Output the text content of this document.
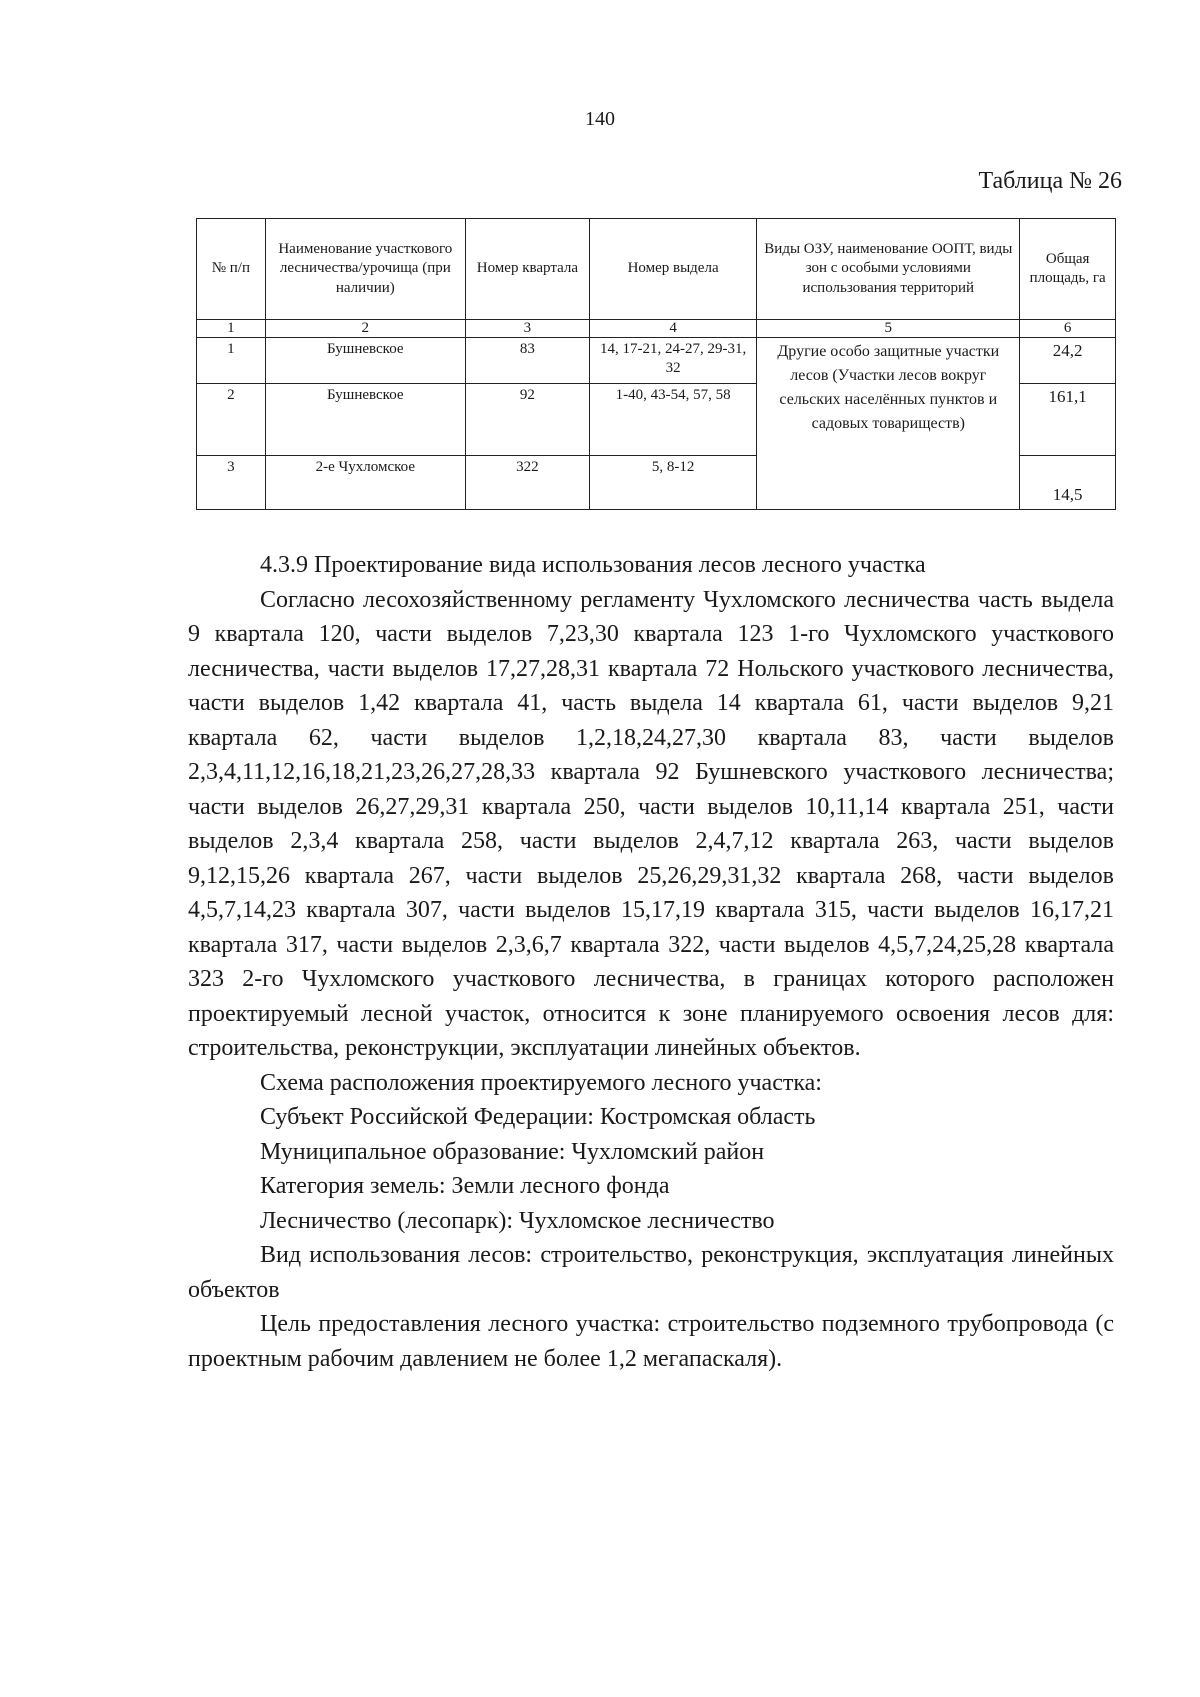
140
Таблица № 26
№ п/п	Наименование участкового лесничества/урочища (при наличии)	Номер квартала	Номер выдела	Виды ОЗУ, наименование ООПТ, виды зон с особыми условиями использования территорий	Общая площадь, га
1	2	3	4	5	6
1	Бушневское	83	14, 17-21, 24-27, 29-31, 32	Другие особо защитные участки лесов (Участки лесов вокруг сельских населённых пунктов и садовых товариществ)	24,2
2	Бушневское	92	1-40, 43-54, 57, 58		161,1
3	2-е Чухломское	322	5, 8-12		14,5

4.3.9 Проектирование вида использования лесов лесного участка

Согласно лесохозяйственному регламенту Чухломского лесничества часть выдела 9 квартала 120, части выделов 7,23,30 квартала 123 1-го Чухломского участкового лесничества, части выделов 17,27,28,31 квартала 72 Нольского участкового лесничества, части выделов 1,42 квартала 41, часть выдела 14 квартала 61, части выделов 9,21 квартала 62, части выделов 1,2,18,24,27,30 квартала 83, части выделов 2,3,4,11,12,16,18,21,23,26,27,28,33 квартала 92 Бушневского участкового лесничества; части выделов 26,27,29,31 квартала 250, части выделов 10,11,14 квартала 251, части выделов 2,3,4 квартала 258, части выделов 2,4,7,12 квартала 263, части выделов 9,12,15,26 квартала 267, части выделов 25,26,29,31,32 квартала 268, части выделов 4,5,7,14,23 квартала 307, части выделов 15,17,19 квартала 315, части выделов 16,17,21 квартала 317, части выделов 2,3,6,7 квартала 322, части выделов 4,5,7,24,25,28 квартала 323 2-го Чухломского участкового лесничества, в границах которого расположен проектируемый лесной участок, относится к зоне планируемого освоения лесов для: строительства, реконструкции, эксплуатации линейных объектов.

Схема расположения проектируемого лесного участка:

Субъект Российской Федерации: Костромская область

Муниципальное образование: Чухломский район

Категория земель: Земли лесного фонда

Лесничество (лесопарк): Чухломское лесничество

Вид использования лесов: строительство, реконструкция, эксплуатация линейных объектов

Цель предоставления лесного участка: строительство подземного трубопровода (с проектным рабочим давлением не более 1,2 мегапаскаля).
